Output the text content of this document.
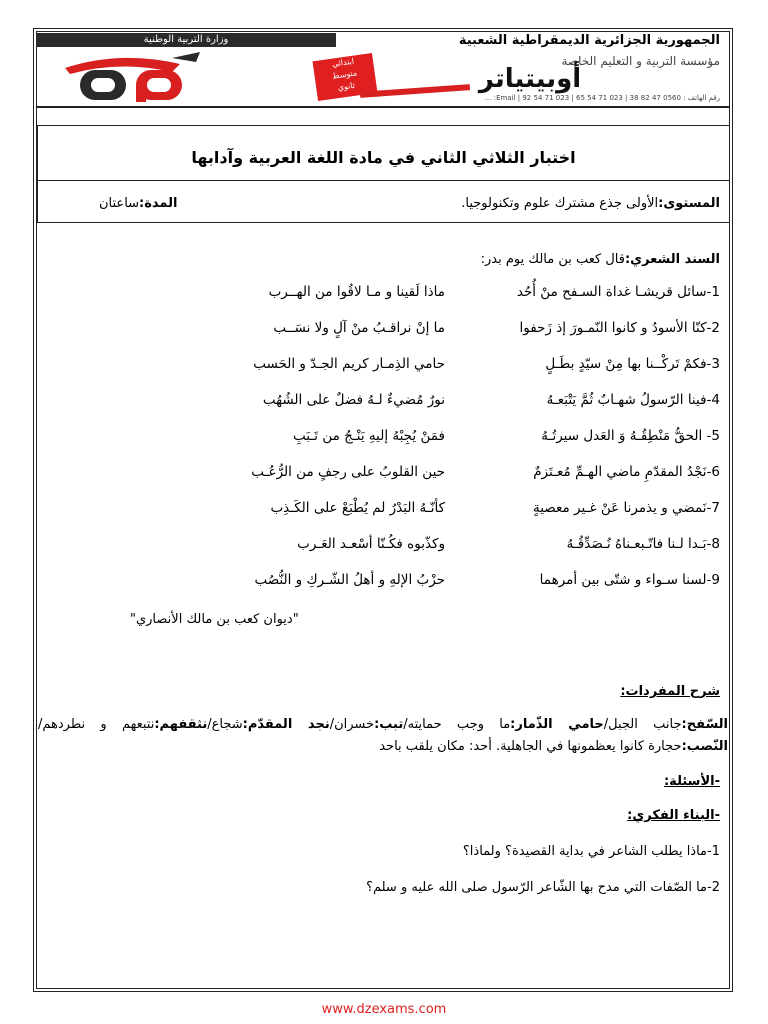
وزارة التربية الوطنية	الجمهورية الجزائرية الديمقراطية الشعبية
مؤسسة التربية و التعليم الخاصة
ابتدائي
متوسط
ثانوي	أوبيتياتر
رقم الهاتف : 0560 47 82 38 | 023 71 54 65 | 023 71 54 92 | Email: ...
اختبار الثلاثي الثاني في مادة اللغة العربية وآدابها
المستوى:الأولى جذع مشترك علوم وتكنولوجيا.
المدة:ساعتان
السند الشعري:قال كعب بن مالك يوم بدر:
1-سائل قريشـا غداة السـفح منْ أُحُد
ماذا لَقينا و مـا لاقُوا من الهــرب
2-كنّا الأسودُ و كانوا النّمـورَ إذ زَحفوا
ما إنْ نراقـبُ منْ آلٍ ولا نسَــب
3-فكمْ تَركْــنا بها مِنْ سيّدٍ بطَـلٍ
حامي الذِمـار كريم الجـدّ و الحَسب
4-فينا الرّسولُ شهـابٌ ثُمَّ يَتْبَعـهُ
نورٌ مُضيءٌ لـهُ فضلٌ على الشُهُب
5- الحقُّ مَنْطِقُـهُ وَ العَدل سيرتُـهُ
فمَنْ يُجِبْهُ إليهِ يَنْـجُ من تَـبَبِ
6-نَجْدُ المقدّمِ ماضي الهـمِّ مُعـتَزمٌ
حين القلوبُ على رجفٍ من الرُّعُـب
7-نَمضي و يذمرنا عَنْ غـير معصيةٍ
كأنّـهُ البَدْرُ لم يُطْبَعْ على الكَـذِب
8-بَـدا لـنا فاتّـبعـناهُ نُـصَدِّقُـهُ
وكذّبوه فكُـنّا أسْعـد العَـرب
9-لسنا سـواء و شتّى بين أمرهما
حزْبُ الإلهِ و أهلُ الشّـركِ و النُّصُب
"ديوان كعب بن مالك الأنصاري"
شرح المفردات:
السّفح:جانب الجبل/حامي الذّمار:ما وجب حمايته/تبب:خسران/نجد المقدّم:شجاع/نثقفهم:نتبعهم و نطردهم/النّصب:حجارة كانوا يعظمونها في الجاهلية. أحد: مكان يلقب باحد
-الأسئلة:
-البناء الفكري:
1-ماذا يطلب الشاعر في بداية القصيدة؟ ولماذا؟
2-ما الصّفات التي مدح بها الشّاعر الرّسول صلى الله عليه و سلم؟
www.dzexams.com
